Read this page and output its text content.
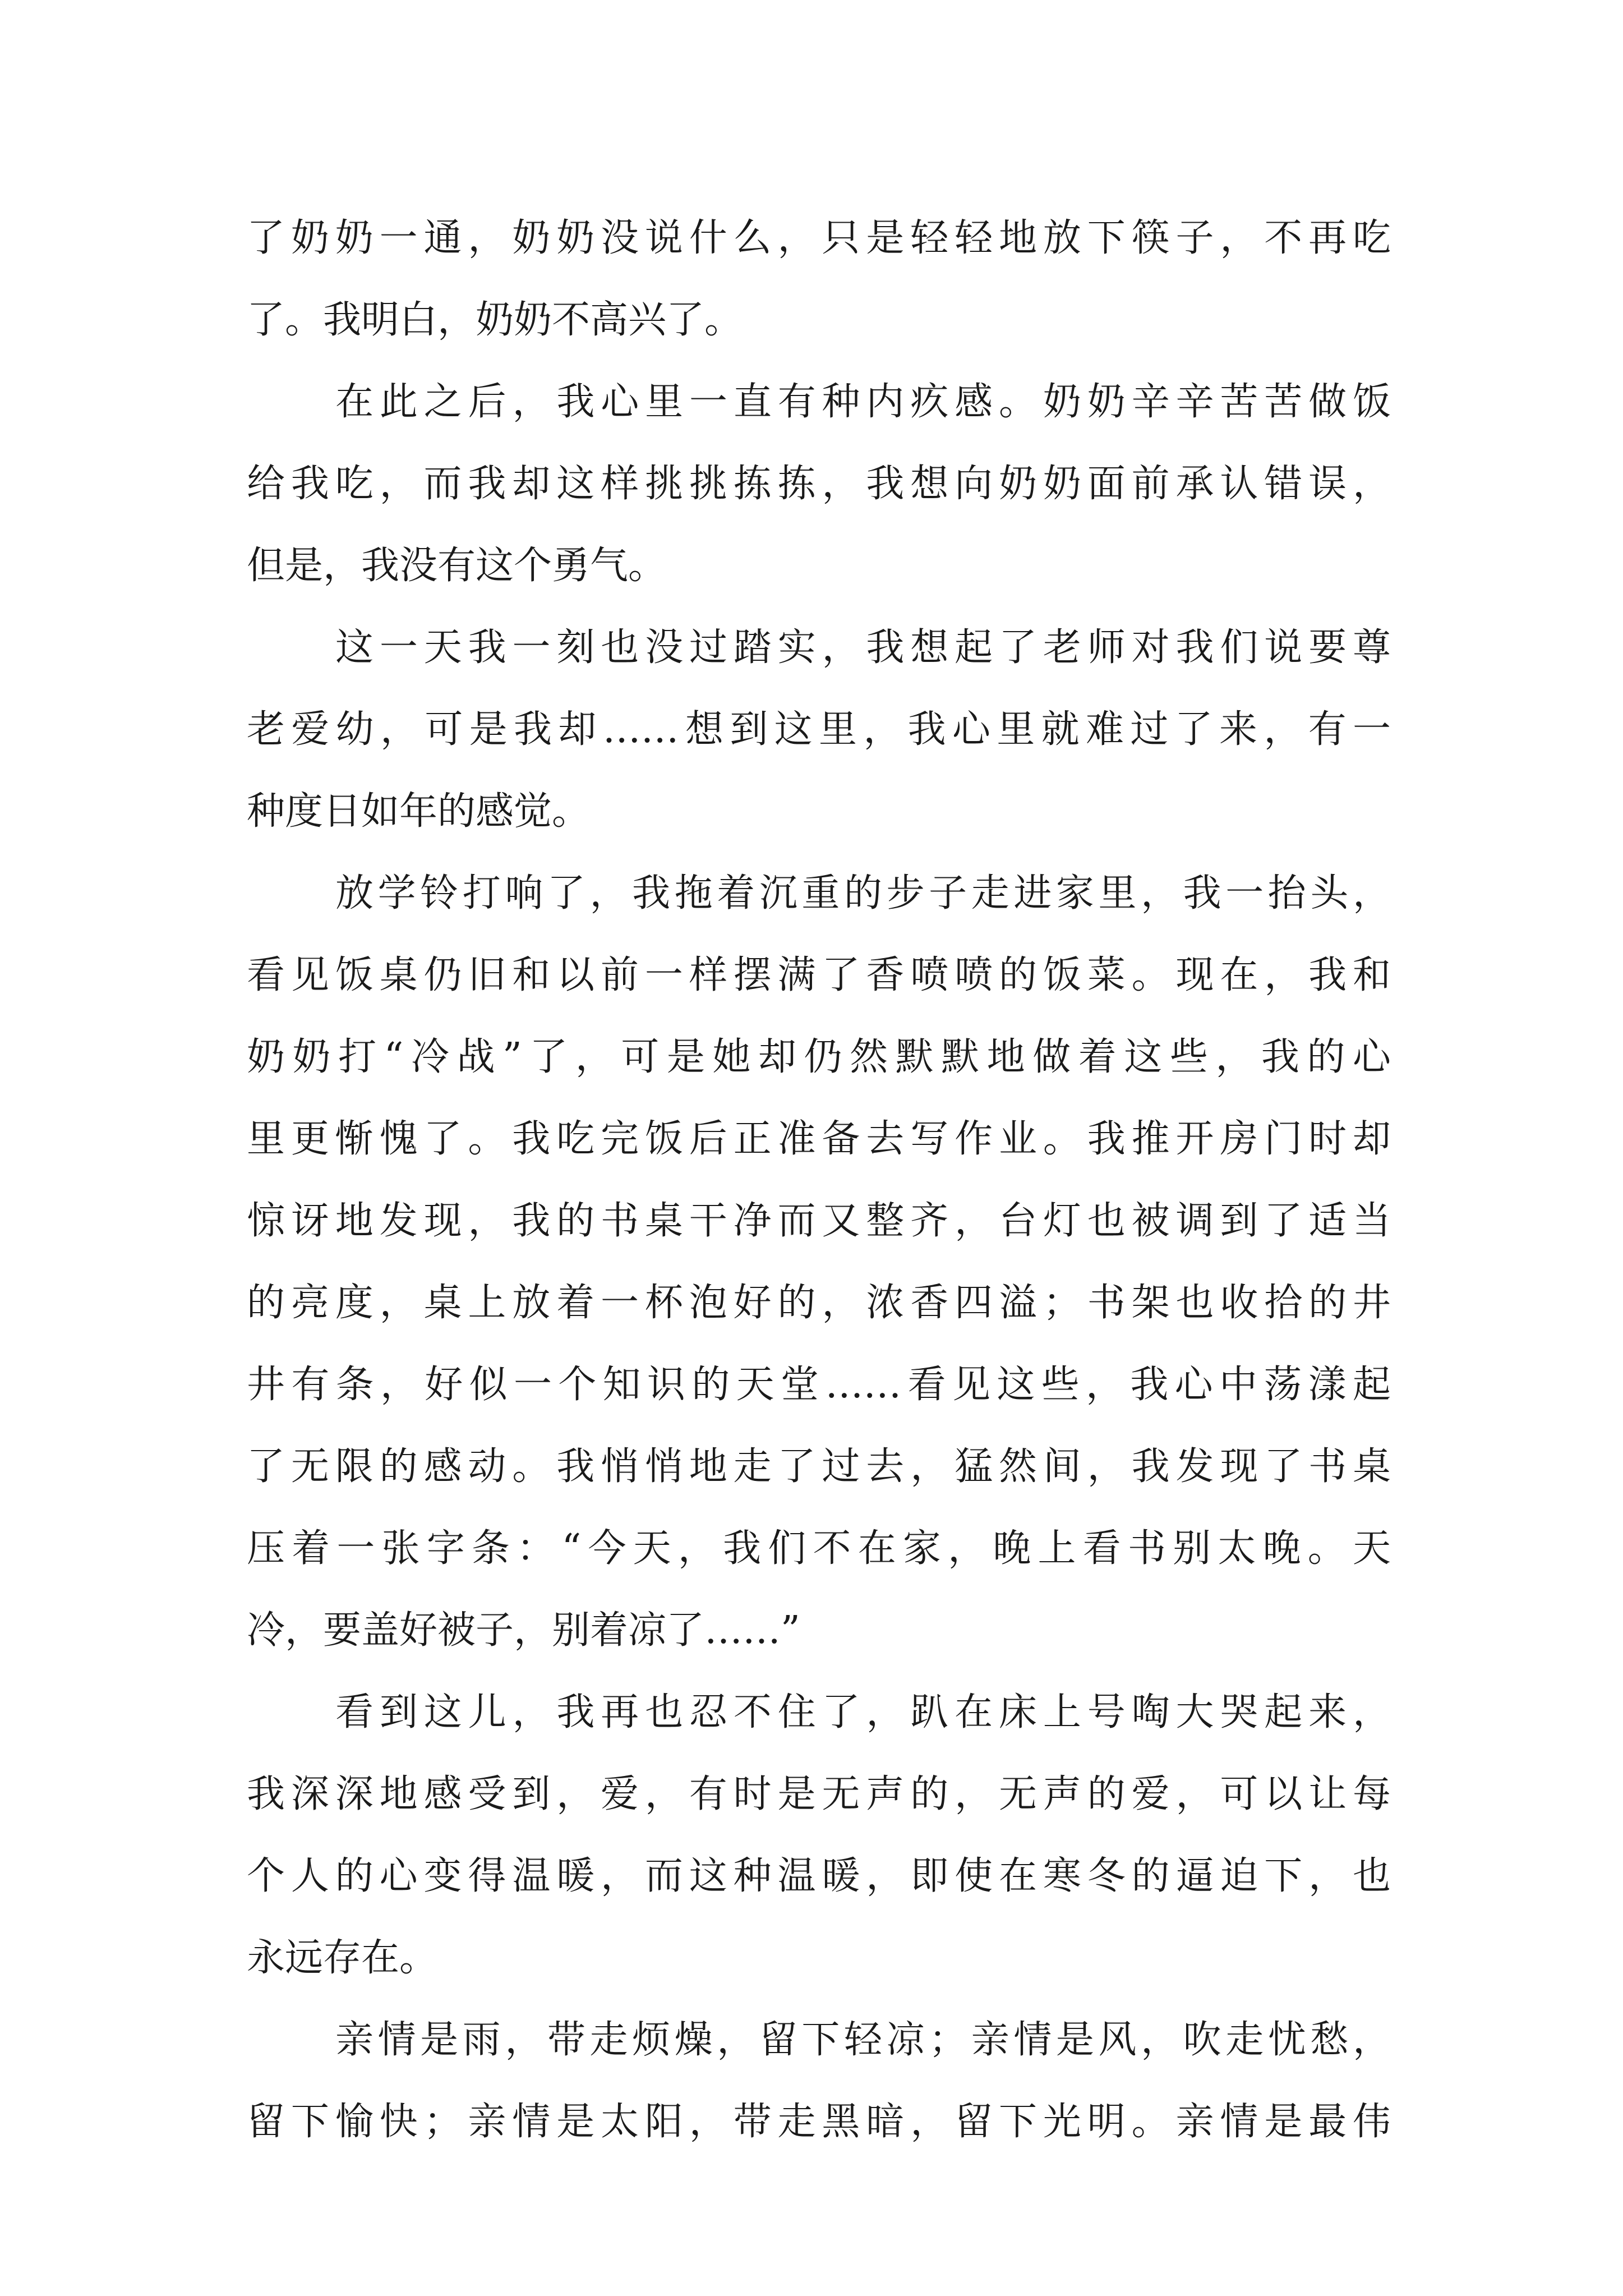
了奶奶一通，奶奶没说什么，只是轻轻地放下筷子，不再吃
了。我明白，奶奶不高兴了。
在此之后，我心里一直有种内疚感。奶奶辛辛苦苦做饭
给我吃，而我却这样挑挑拣拣，我想向奶奶面前承认错误，
但是，我没有这个勇气。
这一天我一刻也没过踏实，我想起了老师对我们说要尊
老爱幼，可是我却……想到这里，我心里就难过了来，有一
种度日如年的感觉。
放学铃打响了，我拖着沉重的步子走进家里，我一抬头，
看见饭桌仍旧和以前一样摆满了香喷喷的饭菜。现在，我和
奶奶打“冷战”了，可是她却仍然默默地做着这些，我的心
里更惭愧了。我吃完饭后正准备去写作业。我推开房门时却
惊讶地发现，我的书桌干净而又整齐，台灯也被调到了适当
的亮度，桌上放着一杯泡好的，浓香四溢；书架也收拾的井
井有条，好似一个知识的天堂……看见这些，我心中荡漾起
了无限的感动。我悄悄地走了过去，猛然间，我发现了书桌
压着一张字条：“今天，我们不在家，晚上看书别太晚。天
冷，要盖好被子，别着凉了……”
看到这儿，我再也忍不住了，趴在床上号啕大哭起来，
我深深地感受到，爱，有时是无声的，无声的爱，可以让每
个人的心变得温暖，而这种温暖，即使在寒冬的逼迫下，也
永远存在。
亲情是雨，带走烦燥，留下轻凉；亲情是风，吹走忧愁，
留下愉快；亲情是太阳，带走黑暗，留下光明。亲情是最伟
